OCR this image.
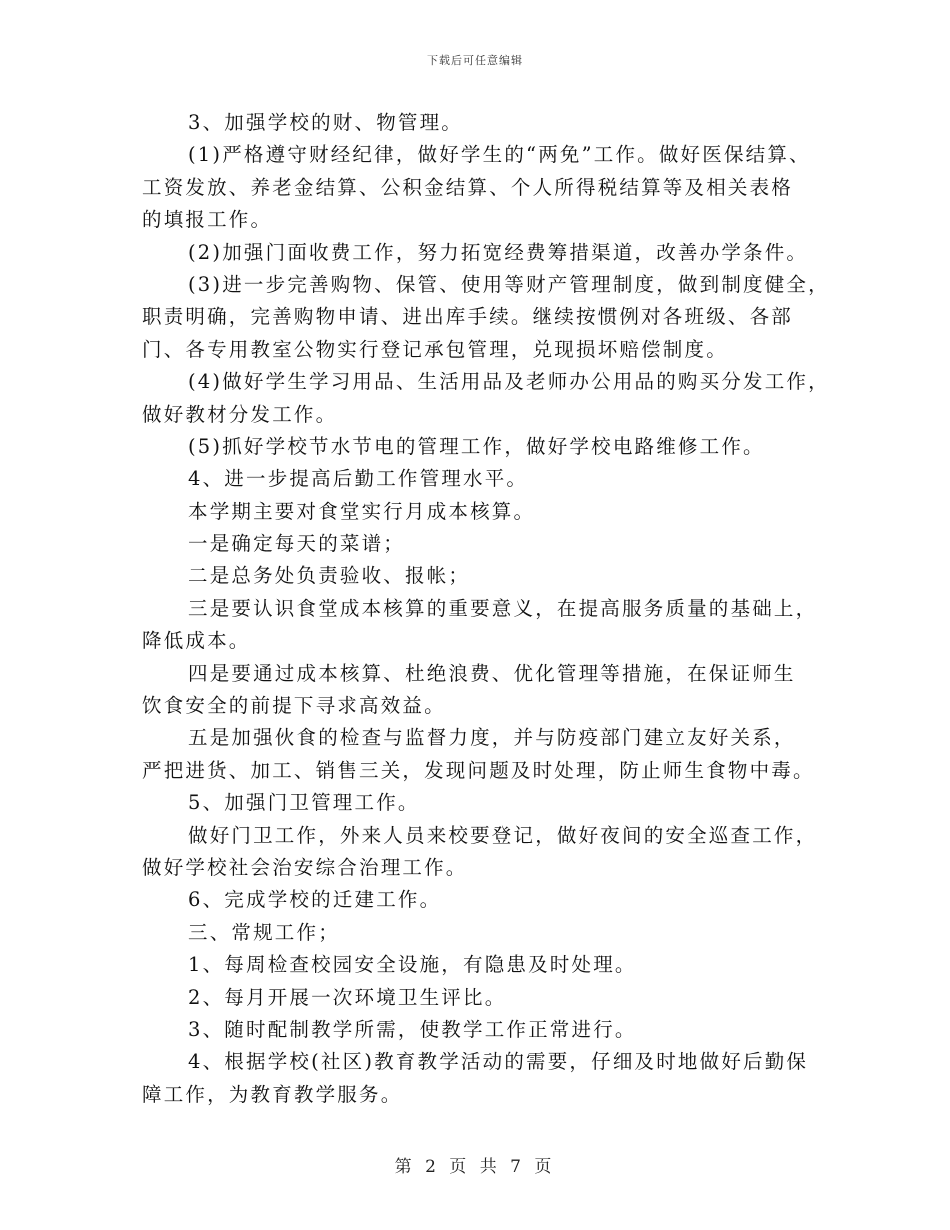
下载后可任意编辑
3、加强学校的财、物管理。
(1)严格遵守财经纪律，做好学生的“两免”工作。做好医保结算、
工资发放、养老金结算、公积金结算、个人所得税结算等及相关表格
的填报工作。
(2)加强门面收费工作，努力拓宽经费筹措渠道，改善办学条件。
(3)进一步完善购物、保管、使用等财产管理制度，做到制度健全，
职责明确，完善购物申请、进出库手续。继续按惯例对各班级、各部
门、各专用教室公物实行登记承包管理，兑现损坏赔偿制度。
(4)做好学生学习用品、生活用品及老师办公用品的购买分发工作，
做好教材分发工作。
(5)抓好学校节水节电的管理工作，做好学校电路维修工作。
4、进一步提高后勤工作管理水平。
本学期主要对食堂实行月成本核算。
一是确定每天的菜谱；
二是总务处负责验收、报帐；
三是要认识食堂成本核算的重要意义，在提高服务质量的基础上，
降低成本。
四是要通过成本核算、杜绝浪费、优化管理等措施，在保证师生
饮食安全的前提下寻求高效益。
五是加强伙食的检查与监督力度，并与防疫部门建立友好关系，
严把进货、加工、销售三关，发现问题及时处理，防止师生食物中毒。
5、加强门卫管理工作。
做好门卫工作，外来人员来校要登记，做好夜间的安全巡查工作，
做好学校社会治安综合治理工作。
6、完成学校的迁建工作。
三、常规工作；
1、每周检查校园安全设施，有隐患及时处理。
2、每月开展一次环境卫生评比。
3、随时配制教学所需，使教学工作正常进行。
4、根据学校(社区)教育教学活动的需要，仔细及时地做好后勤保
障工作，为教育教学服务。
第 2 页 共 7 页
